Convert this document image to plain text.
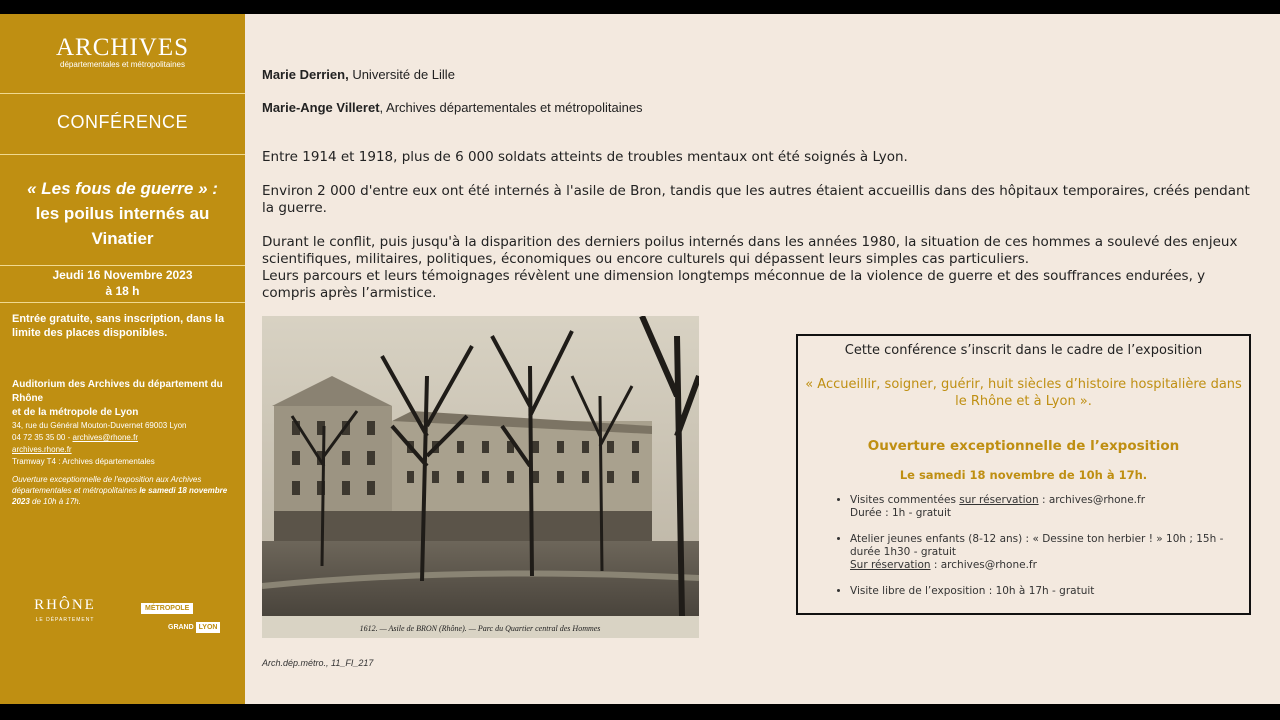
ARCHIVES
départementales et métropolitaines
CONFÉRENCE
« Les fous de guerre » :
les poilus internés au Vinatier
Jeudi 16 Novembre 2023
à 18 h
Entrée gratuite, sans inscription, dans la limite des places disponibles.
Auditorium des Archives du département du Rhône
et de la métropole de Lyon
34, rue du Général Mouton-Duvernet 69003 Lyon
04 72 35 35 00 - archives@rhone.fr
archives.rhone.fr
Tramway T4 : Archives départementales
Ouverture exceptionnelle de l'exposition aux Archives départementales et métropolitaines le samedi 18 novembre 2023 de 10h à 17h.
RHÔNE
LE DÉPARTEMENT
MÉTROPOLE
GRAND LYON
Marie Derrien, Université de Lille
Marie-Ange Villeret, Archives départementales et métropolitaines
Entre 1914 et 1918, plus de 6 000 soldats atteints de troubles mentaux ont été soignés à Lyon.
Environ 2 000 d'entre eux ont été internés à l'asile de Bron, tandis que les autres étaient accueillis dans des hôpitaux temporaires, créés pendant la guerre.
Durant le conflit, puis jusqu'à la disparition des derniers poilus internés dans les années 1980, la situation de ces hommes a soulevé des enjeux scientifiques, militaires, politiques, économiques ou encore culturels qui dépassent leurs simples cas particuliers.
Leurs parcours et leurs témoignages révèlent une dimension longtemps méconnue de la violence de guerre et des souffrances endurées, y compris après l’armistice.
1612. — Asile de BRON (Rhône). — Parc du Quartier central des Hommes
Arch.dép.métro., 11_FI_217
Cette conférence s’inscrit dans le cadre de l’exposition
« Accueillir, soigner, guérir, huit siècles d’histoire hospitalière dans le Rhône et à Lyon ».
Ouverture exceptionnelle de l’exposition
Le samedi 18 novembre de 10h à 17h.
• Visites commentées sur réservation : archives@rhone.fr
Durée : 1h - gratuit
• Atelier jeunes enfants (8-12 ans) : « Dessine ton herbier ! » 10h ; 15h - durée 1h30 - gratuit
Sur réservation : archives@rhone.fr
• Visite libre de l’exposition : 10h à 17h - gratuit
